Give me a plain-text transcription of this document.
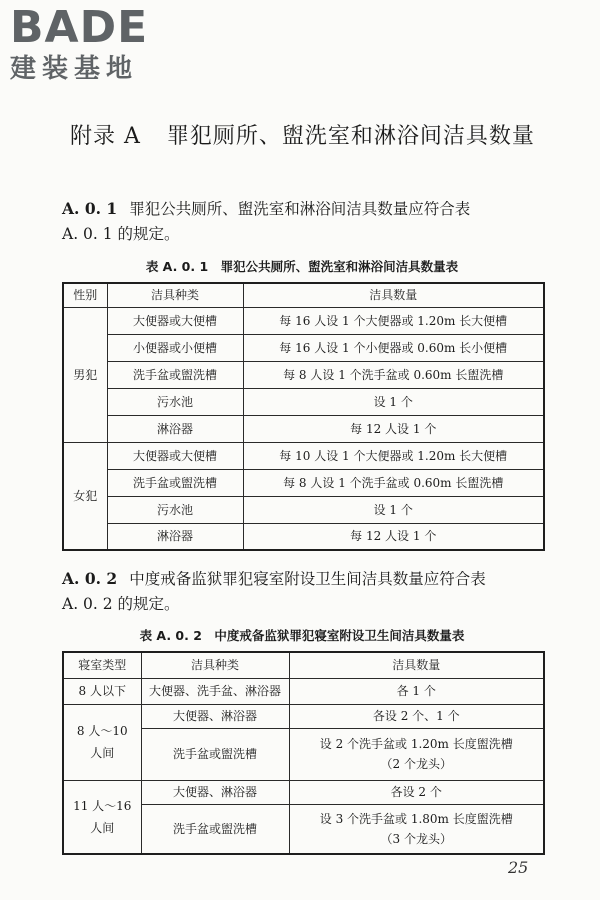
BADE
建装基地
附录 A 罪犯厕所、盥洗室和淋浴间洁具数量
A. 0. 1 罪犯公共厕所、盥洗室和淋浴间洁具数量应符合表
A. 0. 1 的规定。
表 A. 0. 1　罪犯公共厕所、盥洗室和淋浴间洁具数量表
性别	洁具种类	洁具数量
男犯	大便器或大便槽	每 16 人设 1 个大便器或 1.20m 长大便槽
	小便器或小便槽	每 16 人设 1 个小便器或 0.60m 长小便槽
	洗手盆或盥洗槽	每 8 人设 1 个洗手盆或 0.60m 长盥洗槽
	污水池	设 1 个
	淋浴器	每 12 人设 1 个
女犯	大便器或大便槽	每 10 人设 1 个大便器或 1.20m 长大便槽
	洗手盆或盥洗槽	每 8 人设 1 个洗手盆或 0.60m 长盥洗槽
	污水池	设 1 个
	淋浴器	每 12 人设 1 个
A. 0. 2 中度戒备监狱罪犯寝室附设卫生间洁具数量应符合表
A. 0. 2 的规定。
表 A. 0. 2　中度戒备监狱罪犯寝室附设卫生间洁具数量表
寝室类型	洁具种类	洁具数量
8 人以下	大便器、洗手盆、淋浴器	各 1 个

8 人～10
人间	大便器、淋浴器	各设 2 个、1 个
	洗手盆或盥洗槽	设 2 个洗手盆或 1.20m 长度盥洗槽
（2 个龙头）

11 人～16
人间	大便器、淋浴器	各设 2 个
	洗手盆或盥洗槽	设 3 个洗手盆或 1.80m 长度盥洗槽
（3 个龙头）
25
